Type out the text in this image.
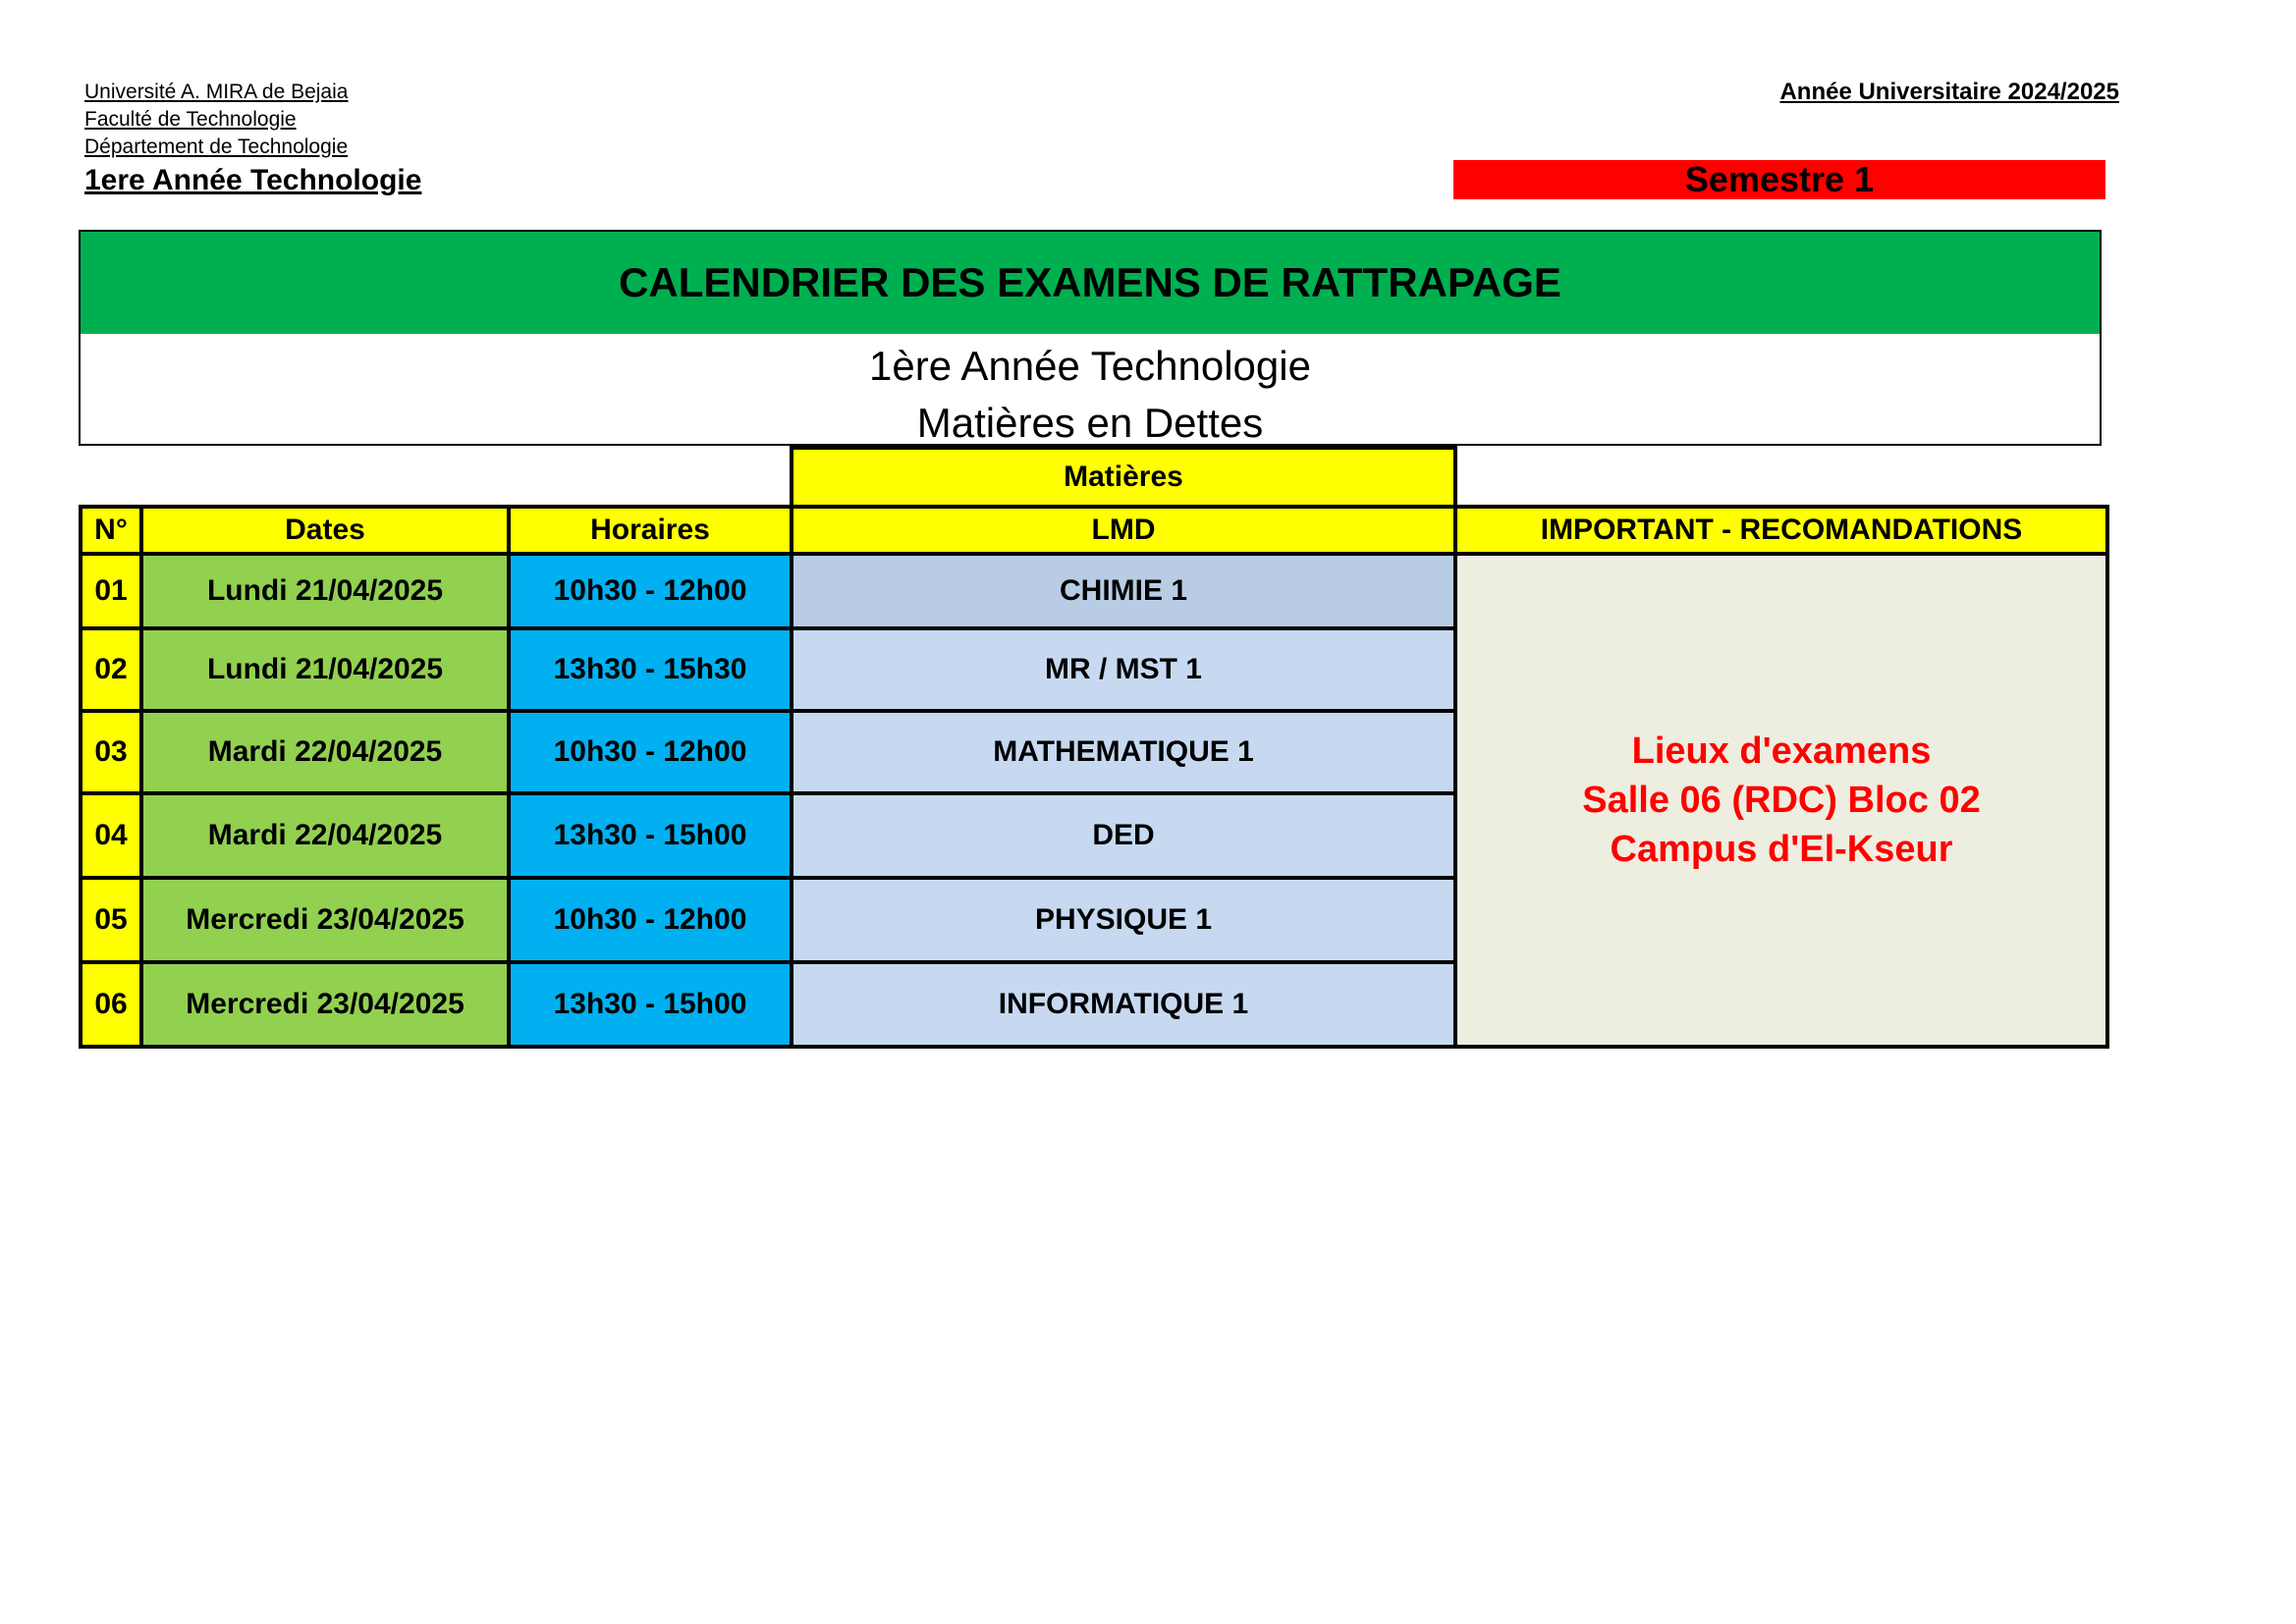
Université A. MIRA de Bejaia
Faculté de Technologie
Département de Technologie
1ere Année Technologie
Année Universitaire 2024/2025
Semestre 1
CALENDRIER DES EXAMENS DE RATTRAPAGE
1ère Année Technologie
Matières en Dettes
			Matières	
N°	Dates	Horaires	LMD	IMPORTANT - RECOMANDATIONS
01	Lundi 21/04/2025	10h30 - 12h00	CHIMIE 1	Lieux d'examens
Salle 06 (RDC) Bloc 02
Campus d'El-Kseur

02	Lundi 21/04/2025	13h30 - 15h30	MR / MST 1	
03	Mardi 22/04/2025	10h30 - 12h00	MATHEMATIQUE 1	
04	Mardi 22/04/2025	13h30 - 15h00	DED	
05	Mercredi 23/04/2025	10h30 - 12h00	PHYSIQUE 1	
06	Mercredi 23/04/2025	13h30 - 15h00	INFORMATIQUE 1	
